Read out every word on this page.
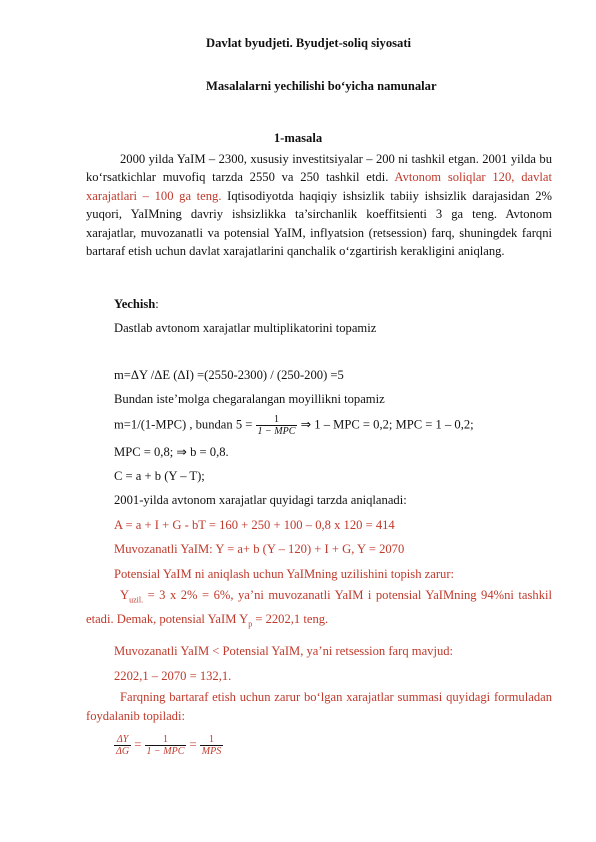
Davlat byudjeti. Byudjet-soliq siyosati
Masalalarni yechilishi bo‘yicha namunalar
1-masala
2000 yilda YaIM – 2300, xususiy investitsiyalar – 200 ni tashkil etgan. 2001 yilda bu ko‘rsatkichlar muvofiq tarzda 2550 va 250 tashkil etdi. Avtonom soliqlar 120, davlat xarajatlari – 100 ga teng. Iqtisodiyotda haqiqiy ishsizlik tabiiy ishsizlik darajasidan 2% yuqori, YaIMning davriy ishsizlikka ta’sirchanlik koeffitsienti 3 ga teng. Avtonom xarajatlar, muvozanatli va potensial YaIM, inflyatsion (retsession) farq, shuningdek farqni bartaraf etish uchun davlat xarajatlarini qanchalik o‘zgartirish kerakligini aniqlang.
Yechish:
Dastlab avtonom xarajatlar multiplikatorini topamiz
m=ΔY /ΔE (ΔI) =(2550-2300) / (250-200) =5
Bundan iste’molga chegaralangan moyillikni topamiz
m=1/(1-MPC) , bundan $5 = \frac{1}{\text{1 − MPC}}$ ⇒ 1 – MPC = 0,2; MPC = 1 – 0,2;
MPC = 0,8; ⇒ b = 0,8.
C = a + b (Y – T);
2001-yilda avtonom xarajatlar quyidagi tarzda aniqlanadi:
A = a + I + G - bT = 160 + 250 + 100 – 0,8 x 120 = 414
Muvozanatli YaIM: Y = a+ b (Y – 120) + I + G, Y = 2070
Potensial YaIM ni aniqlash uchun YaIMning uzilishini topish zarur:
$Y_{uzil.} = 3$ x 2% = 6%, ya’ni muvozanatli YaIM i potensial YaIMning 94%ni tashkil etadi. Demak, potensial YaIM $Y_p = 2202,1$ teng.
Muvozanatli YaIM < Potensial YaIM, ya’ni retsession farq mavjud:
2202,1 – 2070 = 132,1.
Farqning bartaraf etish uchun zarur bo‘lgan xarajatlar summasi quyidagi formuladan foydalanib topiladi:
$\frac{\Delta Y}{\Delta G} = \frac{1}{\text{1 − MPC}} = \frac{1}{\text{MPS}}$
